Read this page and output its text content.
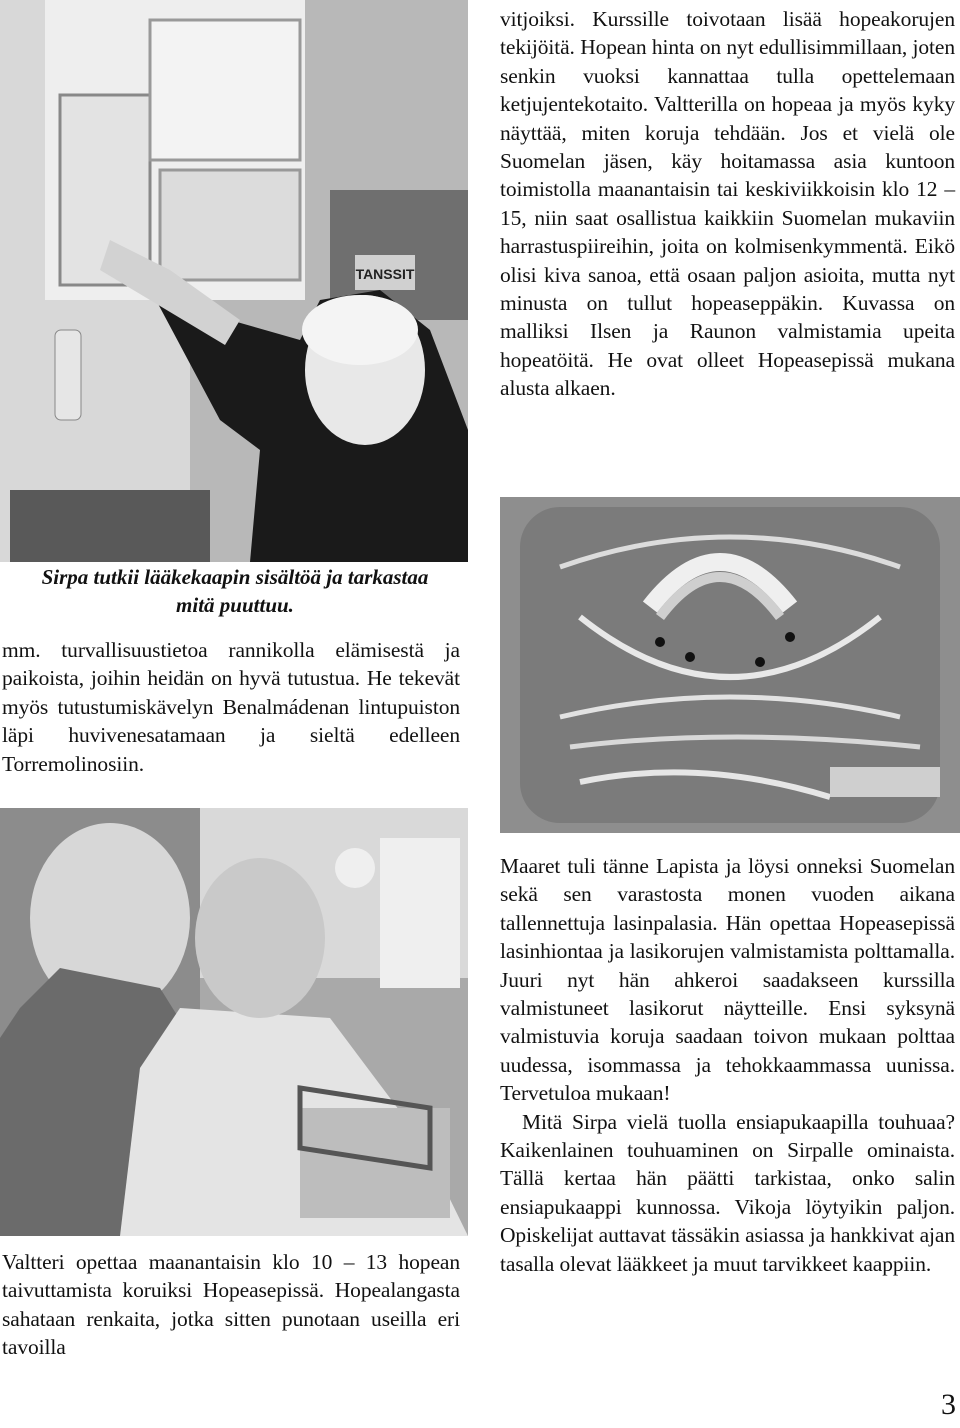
TANSSIT
Sirpa tutkii lääkekaapin sisältöä ja tarkastaa mitä puuttuu.

mm. turvallisuustietoa rannikolla elämisestä ja paikoista, joihin heidän on hyvä tutustua. He tekevät myös tutustumiskävelyn Benalmádenan lintupuiston läpi huvivenesatamaan ja sieltä edelleen Torremolinosiin.

Valtteri opettaa maanantaisin klo 10 – 13 hopean taivuttamista koruiksi Hopeasepissä. Hopealangasta sahataan renkaita, jotka sitten punotaan useilla eri tavoilla

vitjoiksi. Kurssille toivotaan lisää hopeakorujen tekijöitä. Hopean hinta on nyt edullisimmillaan, joten senkin vuoksi kannattaa tulla opettelemaan ketjujentekotaito. Valtterilla on hopeaa ja myös kyky näyttää, miten koruja tehdään. Jos et vielä ole Suomelan jäsen, käy hoitamassa asia kuntoon toimistolla maanantaisin tai keskiviikkoisin klo 12 – 15, niin saat osallistua kaikkiin Suomelan mukaviin harrastuspiireihin, joita on kolmisenkymmentä. Eikö olisi kiva sanoa, että osaan paljon asioita, mutta nyt minusta on tullut hopeaseppäkin. Kuvassa on malliksi Ilsen ja Raunon valmistamia upeita hopeatöitä. He ovat olleet Hopeasepissä mukana alusta alkaen.

Maaret tuli tänne Lapista ja löysi onneksi Suomelan sekä sen varastosta monen vuoden aikana tallennettuja lasinpalasia. Hän opettaa Hopeasepissä lasinhiontaa ja lasikorujen valmistamista polttamalla. Juuri nyt hän ahkeroi saadakseen kurssilla valmistuneet lasikorut näytteille. Ensi syksynä valmistuvia koruja saadaan toivon mukaan polttaa uudessa, isommassa ja tehokkaammassa uunissa. Tervetuloa mukaan!

Mitä Sirpa vielä tuolla ensiapukaapilla touhuaa? Kaikenlainen touhuaminen on Sirpalle ominaista. Tällä kertaa hän päätti tarkistaa, onko salin ensiapukaappi kunnossa. Vikoja löytyikin paljon. Opiskelijat auttavat tässäkin asiassa ja hankkivat ajan tasalla olevat lääkkeet ja muut tarvikkeet kaappiin.

3
